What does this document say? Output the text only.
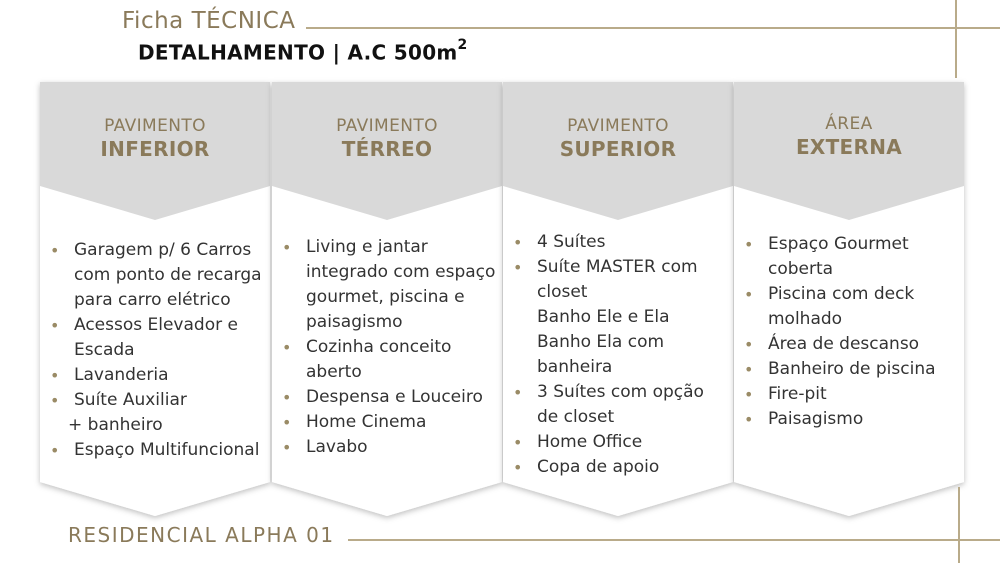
Ficha TÉCNICA
DETALHAMENTO | A.C $500m^2$
PAVIMENTO
INFERIOR
• Garagem p/ 6 Carros com ponto de recarga para carro elétrico
• Acessos Elevador e Escada
• Lavanderia
• Suíte Auxiliar
+ banheiro
• Espaço Multifuncional
PAVIMENTO
TÉRREO
• Living e jantar integrado com espaço gourmet, piscina e paisagismo
• Cozinha conceito aberto
• Despensa e Louceiro
• Home Cinema
• Lavabo
PAVIMENTO
SUPERIOR
• 4 Suítes
• Suíte MASTER com closet
Banho Ele e Ela
Banho Ela com banheira
• 3 Suítes com opção de closet
• Home Office
• Copa de apoio
ÁREA
EXTERNA
• Espaço Gourmet coberta
• Piscina com deck molhado
• Área de descanso
• Banheiro de piscina
• Fire-pit
• Paisagismo
RESIDENCIAL ALPHA 01
